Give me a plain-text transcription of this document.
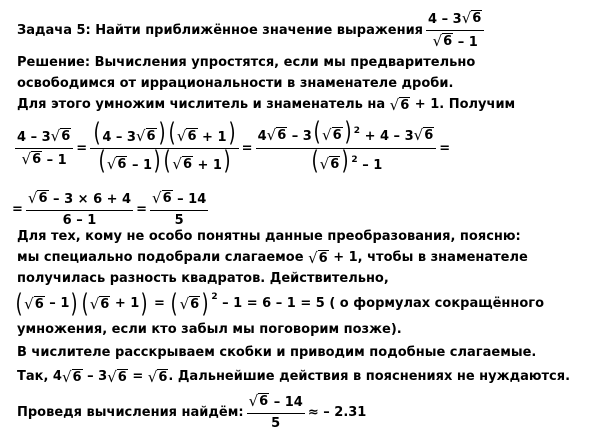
Задача 5: Найти приближённое значение выражения $\frac{4 - 3 √ 6}{√ 6 - 1}$
Решение: Вычисления упростятся, если мы предварительно
освободимся от иррациональности в знаменателе дроби.
Для этого умножим числитель и знаменатель на
√ 6
+ 1. Получим
$\frac{4 - 3 √ 6}{√ 6 - 1} = \frac{( 4 - 3 √ 6 ) ( √ 6 + 1)}{( √ 6 - 1) ( √ 6 + 1)} = \frac{4 √ 6 - 3( √ 6 ) ^2 + 4 - 3 √ 6}{( √ 6 ) ^2 - 1}$ =
= $\frac{√ 6 - 3 \times 6 + 4}{6 - 1} = \frac{√ 6 - 14}{5}$
Для тех, кому не особо понятны данные преобразования, поясню:
мы специально подобрали слагаемое
√ 6
+ 1, чтобы в знаменателе
получилась разность квадратов. Действительно,
( √ 6
– 1 ) ( √ 6
+ 1 )
=
( √ 6 ) $^2$
– 1 = 6 – 1 = 5 ( о формулах сокращённого
умножения, если кто забыл мы поговорим позже).
В числителе расскрываем скобки и приводим подобные слагаемые.
Так, 4 √ 6
– 3 √ 6
=
√ 6 . Дальнейшие действия в пояснениях не нуждаются.
Проведя вычисления найдём: $\frac{√ 6 - 14}{5}$ ≈ – 2.31
